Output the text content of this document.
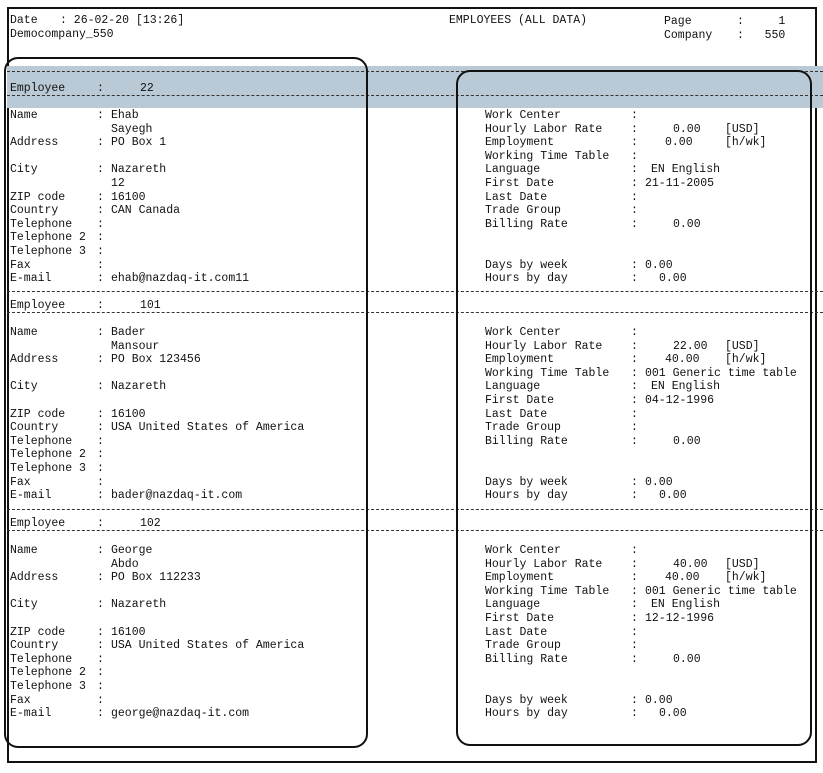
Date : 26-02-20 [13:26]
Democompany_550
EMPLOYEES (ALL DATA)	Page	:     1
Company :   550
Employee	:	22
Name	: Ehab
Sayegh
Address	: PO Box 1
City	: Nazareth
12
ZIP code	: 16100
Country	: CAN Canada
Telephone :
Telephone 2 :
Telephone 3 :
Fax	:
E-mail	: ehab@nazdaq-it.com11
Work Center	:
Hourly Labor Rate :	0.00 [USD]
Employment	: 0.00	[h/wk]
Working Time Table :
Language	: EN English
First Date	: 21-11-2005
Last Date	:
Trade Group	:
Billing Rate	:	0.00
Days by week	: 0.00
Hours by day	: 0.00
Employee	:	101
Name	: Bader
Mansour
Address	: PO Box 123456
City	: Nazareth
ZIP code	: 16100
Country	: USA United States of America
Telephone :
Telephone 2 :
Telephone 3 :
Fax	:
E-mail	: bader@nazdaq-it.com
Work Center	:
Hourly Labor Rate :	22.00 [USD]
Employment	: 40.00 [h/wk]
Working Time Table : 001 Generic time table
Language	: EN English
First Date	: 04-12-1996
Last Date	:
Trade Group	:
Billing Rate	:	0.00
Days by week	: 0.00
Hours by day	: 0.00
Employee	:	102
Name	: George
Abdo
Address	: PO Box 112233
City	: Nazareth
ZIP code	: 16100
Country	: USA United States of America
Telephone :
Telephone 2 :
Telephone 3 :
Fax	:
E-mail	: george@nazdaq-it.com
Work Center	:
Hourly Labor Rate :	40.00 [USD]
Employment	: 40.00 [h/wk]
Working Time Table : 001 Generic time table
Language	: EN English
First Date	: 12-12-1996
Last Date	:
Trade Group	:
Billing Rate	:	0.00
Days by week	: 0.00
Hours by day	: 0.00
